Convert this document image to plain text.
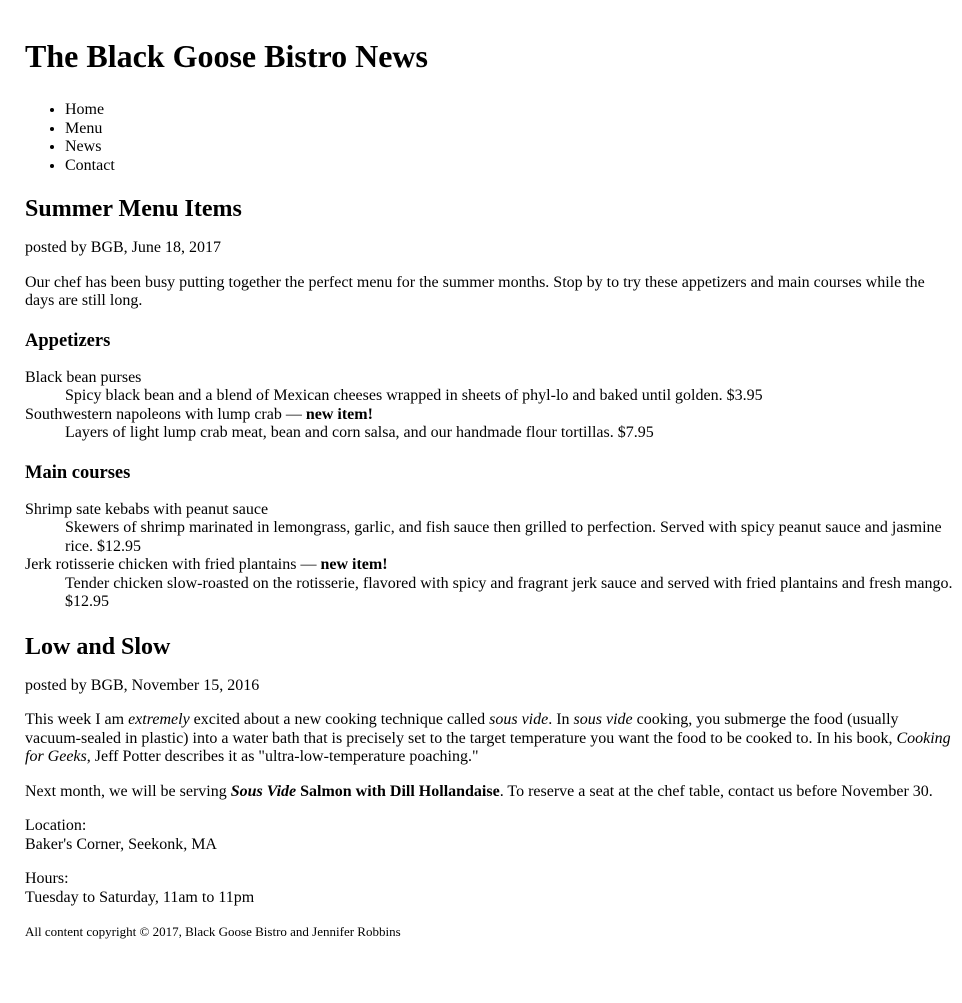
The Black Goose Bistro News
• Home
• Menu
• News
• Contact
Summer Menu Items

posted by BGB, June 18, 2017

Our chef has been busy putting together the perfect menu for the summer months. Stop by to try these appetizers and main courses while the days are still long.

Appetizers
Black bean purses
Spicy black bean and a blend of Mexican cheeses wrapped in sheets of phyl-lo and baked until golden. $3.95
Southwestern napoleons with lump crab — new item!
Layers of light lump crab meat, bean and corn salsa, and our handmade flour tortillas. $7.95
Main courses
Shrimp sate kebabs with peanut sauce
Skewers of shrimp marinated in lemongrass, garlic, and fish sauce then grilled to perfection. Served with spicy peanut sauce and jasmine rice. $12.95
Jerk rotisserie chicken with fried plantains — new item!
Tender chicken slow-roasted on the rotisserie, flavored with spicy and fragrant jerk sauce and served with fried plantains and fresh mango. $12.95
Low and Slow

posted by BGB, November 15, 2016

This week I am extremely excited about a new cooking technique called sous vide. In sous vide cooking, you submerge the food (usually vacuum-sealed in plastic) into a water bath that is precisely set to the target temperature you want the food to be cooked to. In his book, Cooking for Geeks, Jeff Potter describes it as "ultra-low-temperature poaching."

Next month, we will be serving Sous Vide Salmon with Dill Hollandaise. To reserve a seat at the chef table, contact us before November 30.

Location:
Baker's Corner, Seekonk, MA

Hours:
Tuesday to Saturday, 11am to 11pm

All content copyright © 2017, Black Goose Bistro and Jennifer Robbins
